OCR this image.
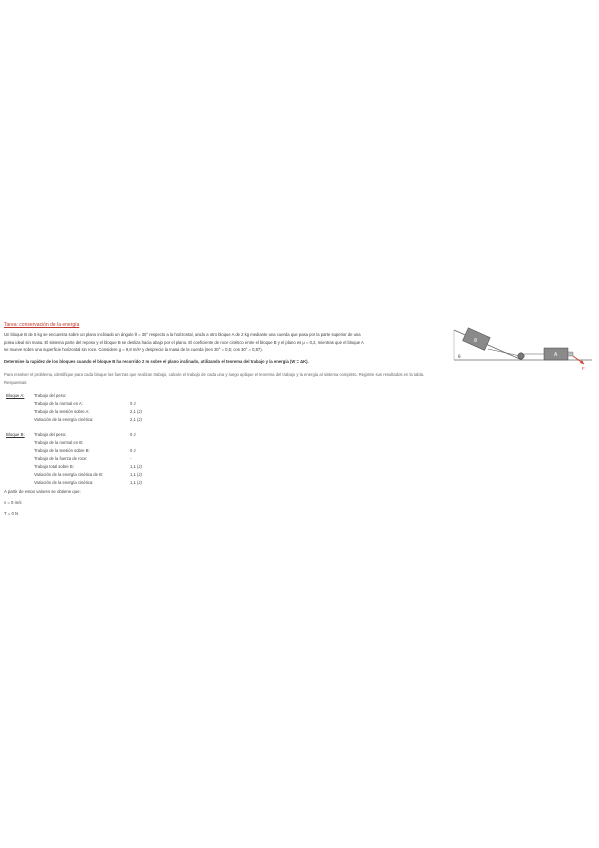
Tarea: conservación de la energía
Un bloque B de 5 kg se encuentra sobre un plano inclinado un ángulo θ = 30° respecto a la horizontal, unido a otro bloque A de 2 kg mediante una cuerda que pasa por la parte superior de una
polea ideal sin masa. El sistema parte del reposo y el bloque B se desliza hacia abajo por el plano. El coeficiente de roce cinético entre el bloque B y el plano es μ = 0,2, mientras que el bloque A
se mueve sobre una superficie horizontal sin roce. Considere g = 9,8 m/s² y desprecie la masa de la cuerda (sen 30° = 0,5; cos 30° = 0,87).
Determine la rapidez de los bloques cuando el bloque B ha recorrido 2 m sobre el plano inclinado, utilizando el teorema del trabajo y la energía (W = ΔK).
Para resolver el problema, identifique para cada bloque las fuerzas que realizan trabajo, calcule el trabajo de cada una y luego aplique el teorema del trabajo y la energía al sistema completo. Registre sus resultados en la tabla.
Respuestas:
B
A
F
θ
Bloque A: Trabajo del peso:
Trabajo de la normal en A:	0 J
Trabajo de la tensión sobre A:	2,1 (J)
Variación de la energía cinética:	2,1 (J)
Bloque B: Trabajo del peso:	0 J
Trabajo de la normal en B:
Trabajo de la tensión sobre B:	0 J
Trabajo de la fuerza de roce:	-
Trabajo total sobre B:	1,1 (J)
Variación de la energía cinética de B:	1,1 (J)
Variación de la energía cinética:	1,1 (J)
A partir de estos valores se obtiene que:
v = 0 m/s
T = 0 N
